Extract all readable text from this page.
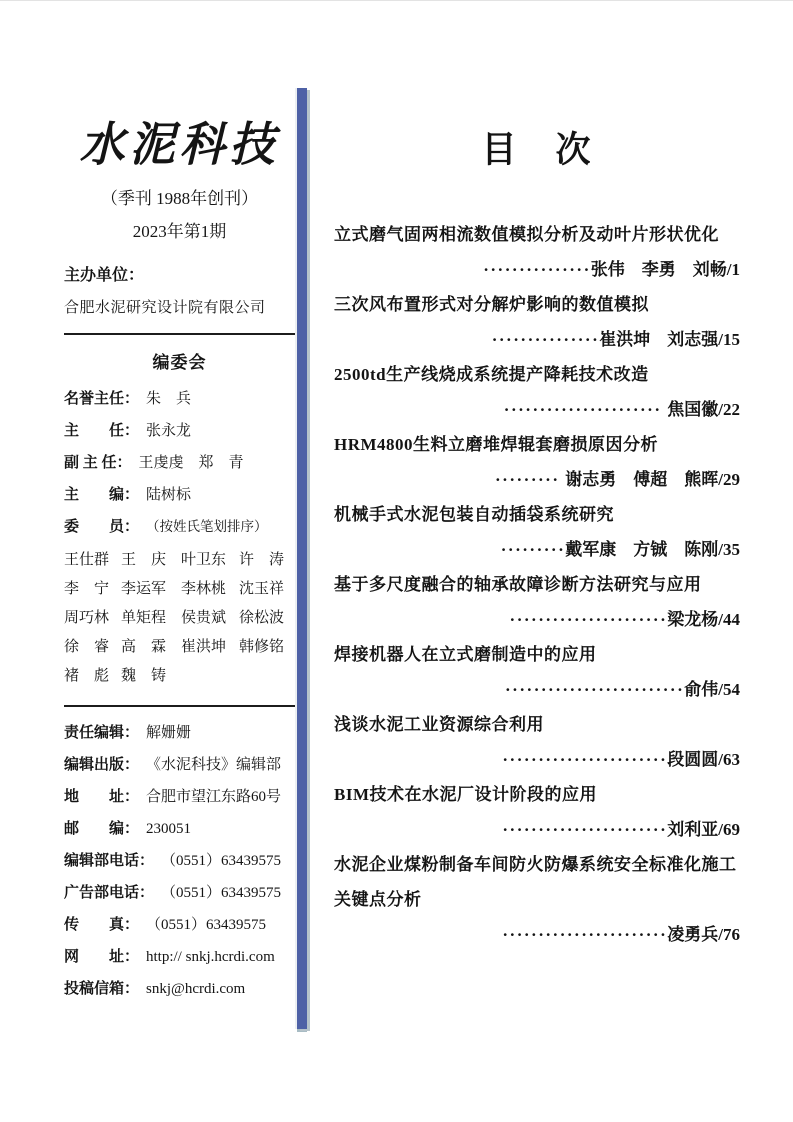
水泥科技
（季刊 1988年创刊）
2023年第1期
主办单位：
合肥水泥研究设计院有限公司
编委会
名誉主任： 朱　兵
主　　任： 张永龙
副 主 任： 王虔虔　郑　青
主　　编： 陆树标
委　　员： （按姓氏笔划排序）
王仕群 王　庆 叶卫东 许　涛
李　宁 李运军 李林桃 沈玉祥
周巧林 单矩程 侯贵斌 徐松波
徐　睿 高　霖 崔洪坤 韩修铭
褚　彪 魏　铸
责任编辑： 解姗姗
编辑出版： 《水泥科技》编辑部
地　　址： 合肥市望江东路60号
邮　　编： 230051
编辑部电话： （0551）63439575
广告部电话： （0551）63439575
传　　真： （0551）63439575
网　　址： http:// snkj.hcrdi.com
投稿信箱： snkj@hcrdi.com
目　次
立式磨气固两相流数值模拟分析及动叶片形状优化
···············张伟　李勇　刘畅/1
三次风布置形式对分解炉影响的数值模拟
···············崔洪坤　刘志强/15
2500td生产线烧成系统提产降耗技术改造
······················ 焦国徽/22
HRM4800生料立磨堆焊辊套磨损原因分析
········· 谢志勇　傅超　熊晖/29
机械手式水泥包装自动插袋系统研究
·········戴军康　方铖　陈刚/35
基于多尺度融合的轴承故障诊断方法研究与应用
······················梁龙杨/44
焊接机器人在立式磨制造中的应用
·························俞伟/54
浅谈水泥工业资源综合利用
·······················段圆圆/63
BIM技术在水泥厂设计阶段的应用
·······················刘利亚/69
水泥企业煤粉制备车间防火防爆系统安全标准化施工
关键点分析
·······················凌勇兵/76
